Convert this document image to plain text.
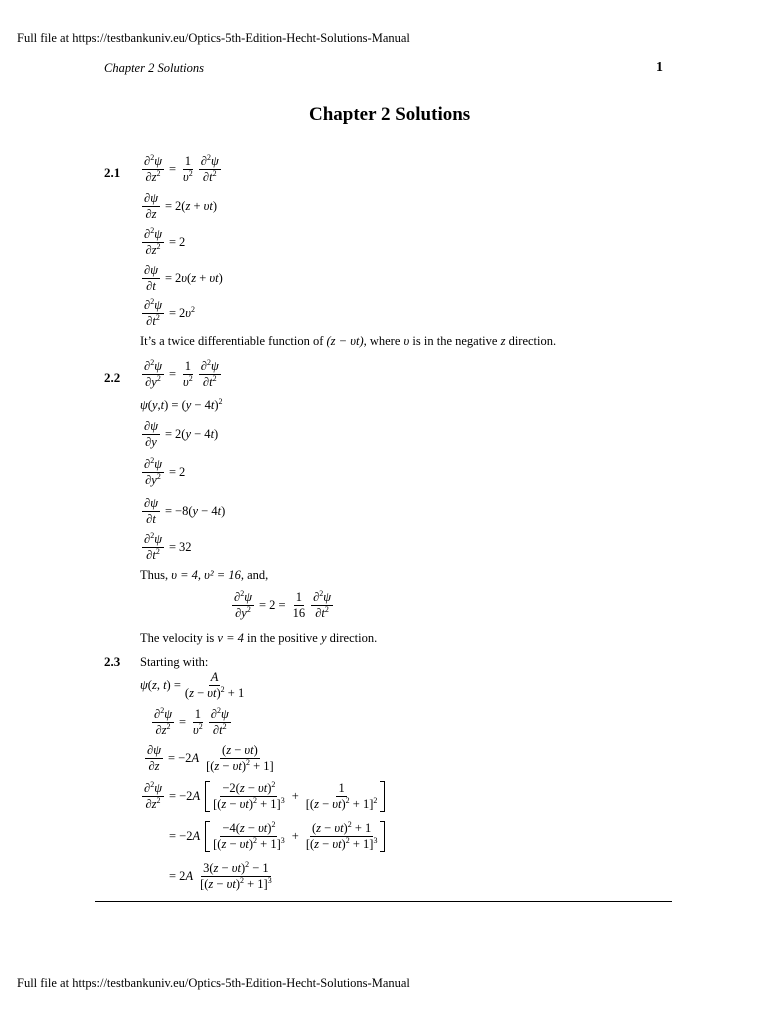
Full file at https://testbankuniv.eu/Optics-5th-Edition-Hecht-Solutions-Manual
Chapter 2 Solutions	1
Chapter 2 Solutions
$2.1 \frac{\partial^2\psi}{\partial z^2} = \frac{1}{\upsilon^2} \frac{\partial^2\psi}{\partial t^2}$
$\frac{\partial\psi}{\partial z} = 2(z + \upsilon t)$
$\frac{\partial^2\psi}{\partial z^2} = 2$
$\frac{\partial\psi}{\partial t} = 2\upsilon(z + \upsilon t)$
$\frac{\partial^2\psi}{\partial t^2} = 2\upsilon^2$
It’s a twice differentiable function of (z − υt), where υ is in the negative z direction.
$2.2 \frac{\partial^2\psi}{\partial y^2} = \frac{1}{\upsilon^2} \frac{\partial^2\psi}{\partial t^2}$
$\psi(y,t) = (y - 4t)^2$
$\frac{\partial\psi}{\partial y} = 2(y - 4t)$
$\frac{\partial^2\psi}{\partial y^2} = 2$
$\frac{\partial\psi}{\partial t} = -8(y - 4t)$
$\frac{\partial^2\psi}{\partial t^2} = 32$
Thus, υ = 4, υ² = 16, and,
$\frac{\partial^2\psi}{\partial y^2} = 2 = \frac{1}{16} \frac{\partial^2\psi}{\partial t^2}$
The velocity is v = 4 in the positive y direction.
2.3 Starting with:
ψ(z, $t) = \frac{A}{(z - \upsilon t)^2 + 1}$
$\frac{\partial^2\psi}{\partial z^2} = \frac{1}{\upsilon^2} \frac{\partial^2\psi}{\partial t^2}$
$\frac{\partial\psi}{\partial z} = -2A \frac{(z - \upsilon t)}{[(z - \upsilon t)^2 + 1]}$
$\frac{\partial^2\psi}{\partial z^2} = -2A \frac{-2(z - \upsilon t)^2}{[(z - \upsilon t)^2 + 1]^3} + \frac{1}{[(z - \upsilon t)^2 + 1]^2}$
= $-2A \frac{-4(z - \upsilon t)^2}{[(z - \upsilon t)^2 + 1]^3} + \frac{(z - \upsilon t)^2 + 1}{[(z - \upsilon t)^2 + 1]^3}$
= $2A \frac{3(z - \upsilon t)^2 - 1}{[(z - \upsilon t)^2 + 1]^3}$
Full file at https://testbankuniv.eu/Optics-5th-Edition-Hecht-Solutions-Manual
